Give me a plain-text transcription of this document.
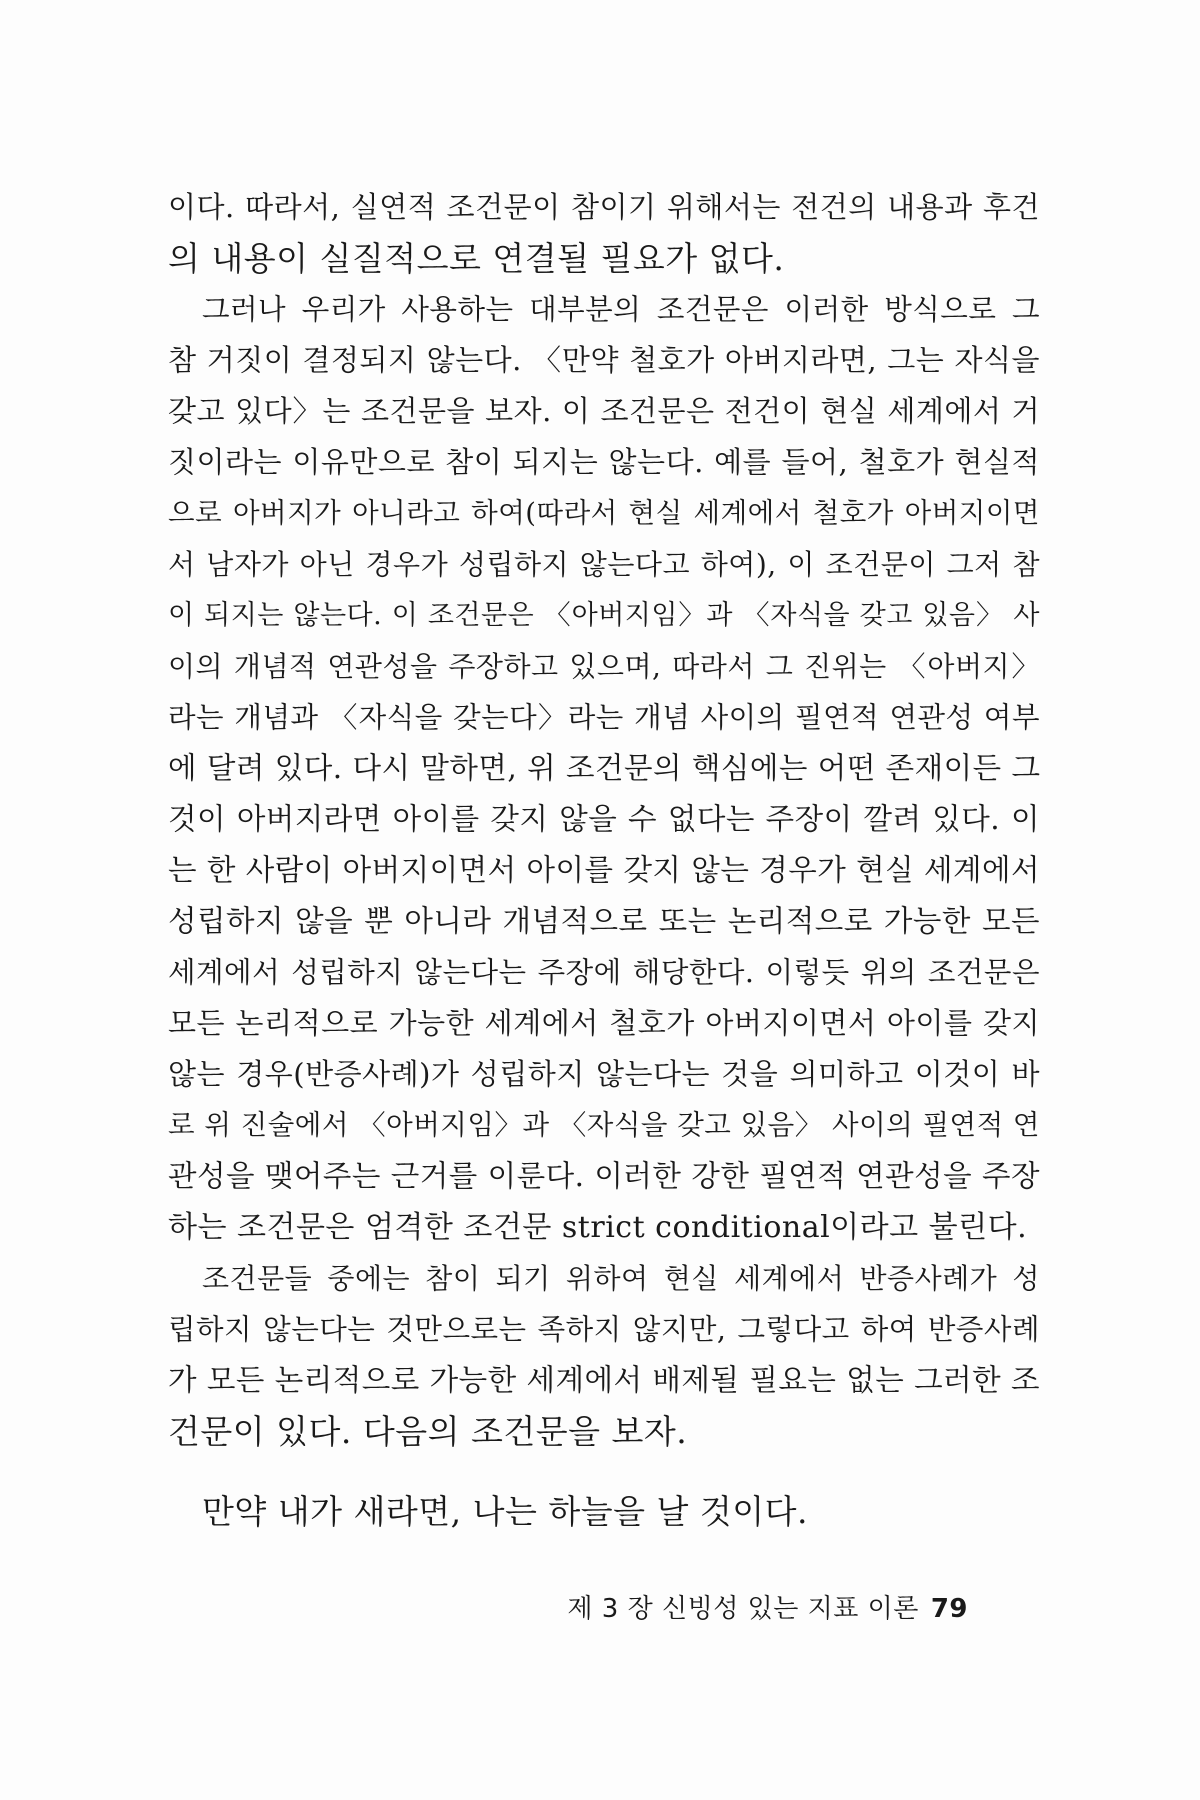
이다. 따라서, 실연적 조건문이 참이기 위해서는 전건의 내용과 후건
의 내용이 실질적으로 연결될 필요가 없다.
그러나 우리가 사용하는 대부분의 조건문은 이러한 방식으로 그
참 거짓이 결정되지 않는다. 〈만약 철호가 아버지라면, 그는 자식을
갖고 있다〉는 조건문을 보자. 이 조건문은 전건이 현실 세계에서 거
짓이라는 이유만으로 참이 되지는 않는다. 예를 들어, 철호가 현실적
으로 아버지가 아니라고 하여(따라서 현실 세계에서 철호가 아버지이면
서 남자가 아닌 경우가 성립하지 않는다고 하여), 이 조건문이 그저 참
이 되지는 않는다. 이 조건문은 〈아버지임〉과 〈자식을 갖고 있음〉 사
이의 개념적 연관성을 주장하고 있으며, 따라서 그 진위는 〈아버지〉
라는 개념과 〈자식을 갖는다〉라는 개념 사이의 필연적 연관성 여부
에 달려 있다. 다시 말하면, 위 조건문의 핵심에는 어떤 존재이든 그
것이 아버지라면 아이를 갖지 않을 수 없다는 주장이 깔려 있다. 이
는 한 사람이 아버지이면서 아이를 갖지 않는 경우가 현실 세계에서
성립하지 않을 뿐 아니라 개념적으로 또는 논리적으로 가능한 모든
세계에서 성립하지 않는다는 주장에 해당한다. 이렇듯 위의 조건문은
모든 논리적으로 가능한 세계에서 철호가 아버지이면서 아이를 갖지
않는 경우(반증사례)가 성립하지 않는다는 것을 의미하고 이것이 바
로 위 진술에서 〈아버지임〉과 〈자식을 갖고 있음〉 사이의 필연적 연
관성을 맺어주는 근거를 이룬다. 이러한 강한 필연적 연관성을 주장
하는 조건문은 엄격한 조건문 strict conditional이라고 불린다.
조건문들 중에는 참이 되기 위하여 현실 세계에서 반증사례가 성
립하지 않는다는 것만으로는 족하지 않지만, 그렇다고 하여 반증사례
가 모든 논리적으로 가능한 세계에서 배제될 필요는 없는 그러한 조
건문이 있다. 다음의 조건문을 보자.
만약 내가 새라면, 나는 하늘을 날 것이다.
제 3 장 신빙성 있는 지표 이론 79
